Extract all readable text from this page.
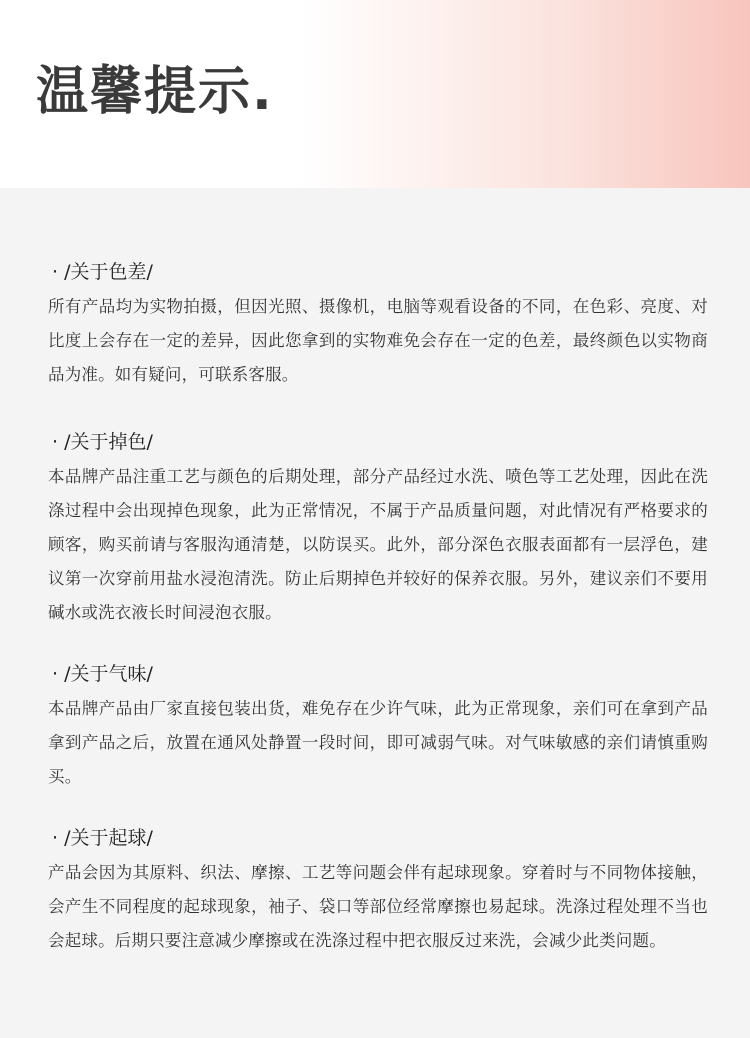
温馨提示.

· /关于色差/

所有产品均为实物拍摄，但因光照、摄像机，电脑等观看设备的不同，在色彩、亮度、对比度上会存在一定的差异，因此您拿到的实物难免会存在一定的色差，最终颜色以实物商品为准。如有疑问，可联系客服。

· /关于掉色/

本品牌产品注重工艺与颜色的后期处理，部分产品经过水洗、喷色等工艺处理，因此在洗涤过程中会出现掉色现象，此为正常情况，不属于产品质量问题，对此情况有严格要求的顾客，购买前请与客服沟通清楚，以防误买。此外，部分深色衣服表面都有一层浮色，建议第一次穿前用盐水浸泡清洗。防止后期掉色并较好的保养衣服。另外，建议亲们不要用碱水或洗衣液长时间浸泡衣服。

· /关于气味/

本品牌产品由厂家直接包装出货，难免存在少许气味，此为正常现象，亲们可在拿到产品拿到产品之后，放置在通风处静置一段时间，即可减弱气味。对气味敏感的亲们请慎重购买。

· /关于起球/

产品会因为其原料、织法、摩擦、工艺等问题会伴有起球现象。穿着时与不同物体接触，会产生不同程度的起球现象，袖子、袋口等部位经常摩擦也易起球。洗涤过程处理不当也会起球。后期只要注意减少摩擦或在洗涤过程中把衣服反过来洗，会减少此类问题。
